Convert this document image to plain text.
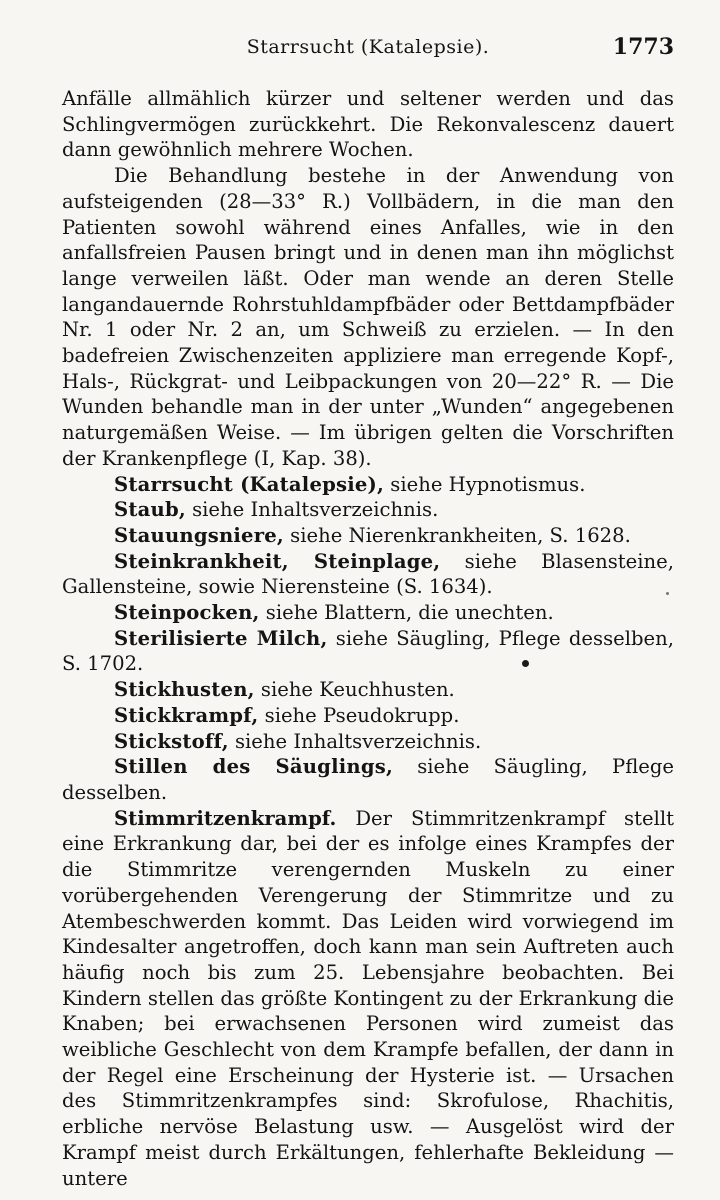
Starrsucht (Katalepsie).	1773

Anfälle allmählich kürzer und seltener werden und das Schlingvermögen zurückkehrt. Die Rekonvalescenz dauert dann gewöhnlich mehrere Wochen.

Die Behandlung bestehe in der Anwendung von aufsteigenden (28—33° R.) Vollbädern, in die man den Patienten sowohl während eines Anfalles, wie in den anfallsfreien Pausen bringt und in denen man ihn möglichst lange verweilen läßt. Oder man wende an deren Stelle langandauernde Rohrstuhldampfbäder oder Bettdampfbäder Nr. 1 oder Nr. 2 an, um Schweiß zu erzielen. — In den badefreien Zwischenzeiten appliziere man erregende Kopf-, Hals-, Rückgrat- und Leibpackungen von 20—22° R. — Die Wunden behandle man in der unter „Wunden“ angegebenen naturgemäßen Weise. — Im übrigen gelten die Vorschriften der Krankenpflege (I, Kap. 38).

Starrsucht (Katalepsie), siehe Hypnotismus.

Staub, siehe Inhaltsverzeichnis.

Stauungsniere, siehe Nierenkrankheiten, S. 1628.

Steinkrankheit, Steinplage, siehe Blasensteine, Gallensteine, sowie Nierensteine (S. 1634).

Steinpocken, siehe Blattern, die unechten.

Sterilisierte Milch, siehe Säugling, Pflege desselben, S. 1702.

Stickhusten, siehe Keuchhusten.

Stickkrampf, siehe Pseudokrupp.

Stickstoff, siehe Inhaltsverzeichnis.

Stillen des Säuglings, siehe Säugling, Pflege desselben.

Stimmritzenkrampf. Der Stimmritzenkrampf stellt eine Erkrankung dar, bei der es infolge eines Krampfes der die Stimmritze verengernden Muskeln zu einer vorübergehenden Verengerung der Stimmritze und zu Atembeschwerden kommt. Das Leiden wird vorwiegend im Kindesalter angetroffen, doch kann man sein Auftreten auch häufig noch bis zum 25. Lebensjahre beobachten. Bei Kindern stellen das größte Kontingent zu der Erkrankung die Knaben; bei erwachsenen Personen wird zumeist das weibliche Geschlecht von dem Krampfe befallen, der dann in der Regel eine Erscheinung der Hysterie ist. — Ursachen des Stimmritzenkrampfes sind: Skrofulose, Rhachitis, erbliche nervöse Belastung usw. — Ausgelöst wird der Krampf meist durch Erkältungen, fehlerhafte Bekleidung — untere
